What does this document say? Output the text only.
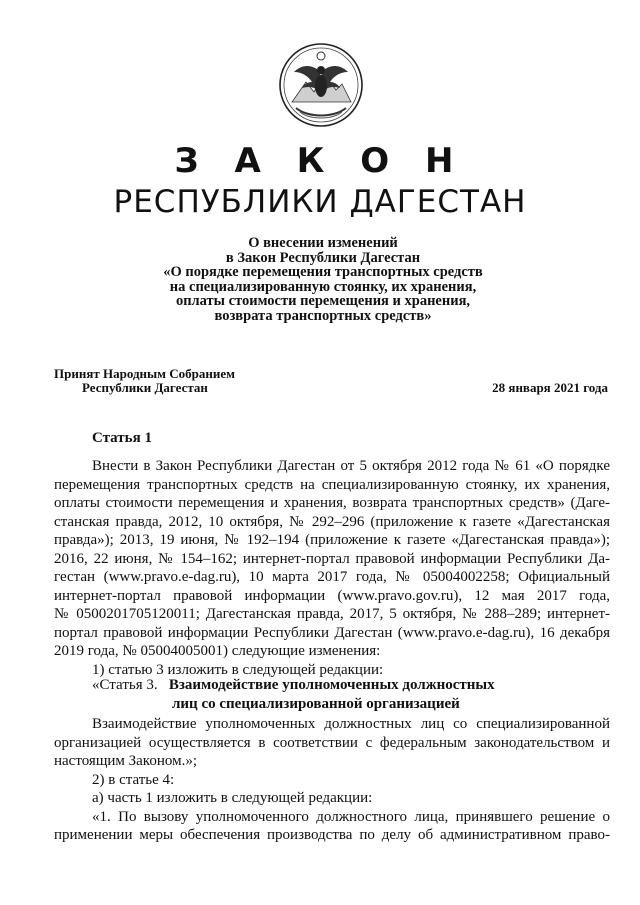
З А К О Н
РЕСПУБЛИКИ ДАГЕСТАН
О внесении изменений
в Закон Республики Дагестан
«О порядке перемещения транспортных средств
на специализированную стоянку, их хранения,
оплаты стоимости перемещения и хранения,
возврата транспортных средств»
Принят Народным Собранием
Республики Дагестан	28 января 2021 года
Статья 1
Внести в Закон Республики Дагестан от 5 октября 2012 года № 61 «О порядке
перемещения транспортных средств на специализированную стоянку, их хранения,
оплаты стоимости перемещения и хранения, возврата транспортных средств» (Даге-
станская правда, 2012, 10 октября, № 292–296 (приложение к газете «Дагестанская
правда»); 2013, 19 июня, № 192–194 (приложение к газете «Дагестанская правда»);
2016, 22 июня, № 154–162; интернет-портал правовой информации Республики Да-
гестан (www.pravo.e-dag.ru), 10 марта 2017 года, № 05004002258; Официальный
интернет-портал правовой информации (www.pravo.gov.ru), 12 мая 2017 года,
№ 0500201705120011; Дагестанская правда, 2017, 5 октября, № 288–289; интернет-
портал правовой информации Республики Дагестан (www.pravo.e-dag.ru), 16 декабря
2019 года, № 05004005001) следующие изменения:
1) статью 3 изложить в следующей редакции:
«Статья 3. Взаимодействие уполномоченных должностных
лиц со специализированной организацией
Взаимодействие уполномоченных должностных лиц со специализированной
организацией осуществляется в соответствии с федеральным законодательством и
настоящим Законом.»;
2) в статье 4:
а) часть 1 изложить в следующей редакции:
«1. По вызову уполномоченного должностного лица, принявшего решение о
применении меры обеспечения производства по делу об административном право-
